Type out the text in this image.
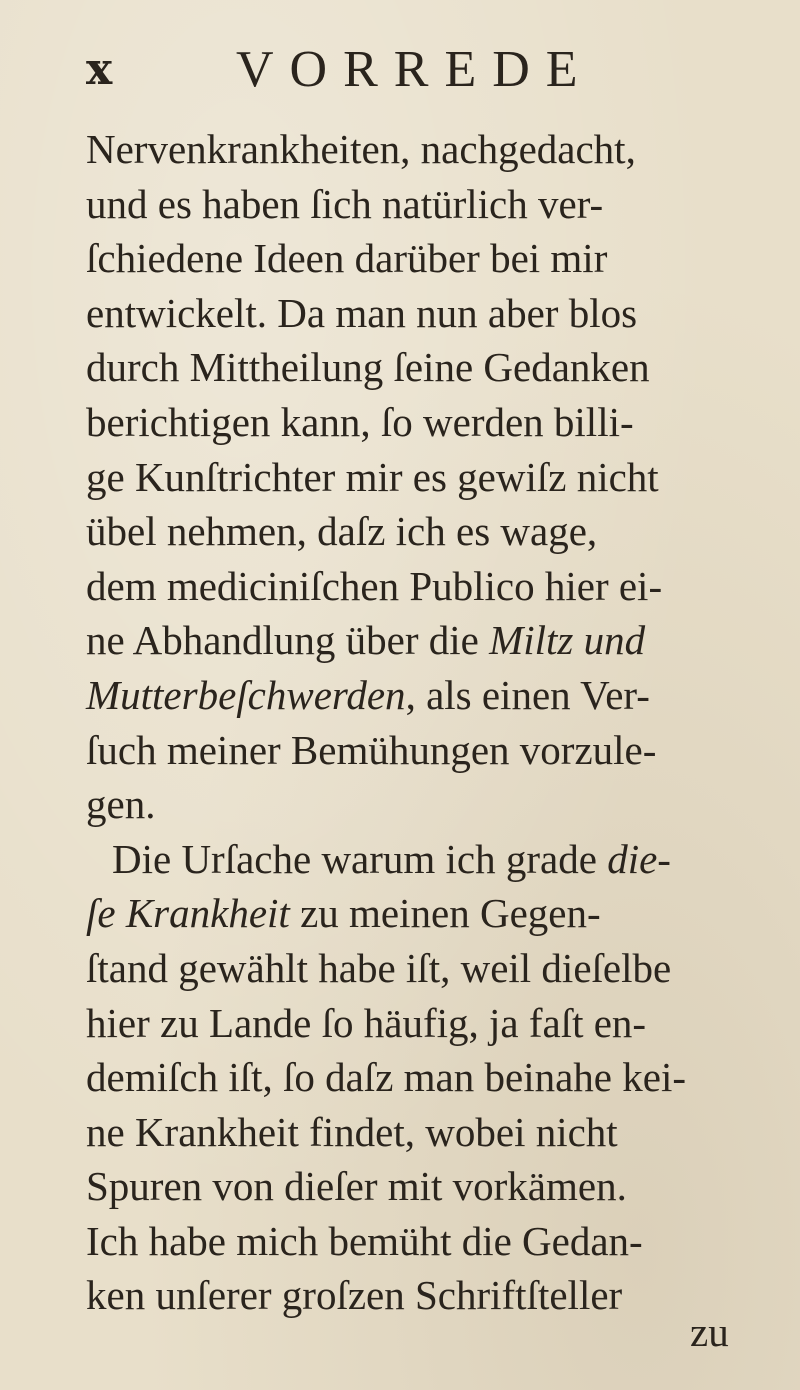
x VORREDE
Nervenkrankheiten, nachgedacht,
und es haben ſich natürlich ver-
ſchiedene Ideen darüber bei mir
entwickelt. Da man nun aber blos
durch Mittheilung ſeine Gedanken
berichtigen kann, ſo werden billi-
ge Kunſtrichter mir es gewiſz nicht
übel nehmen, daſz ich es wage,
dem mediciniſchen Publico hier ei-
ne Abhandlung über die Miltz und
Mutterbeſchwerden, als einen Ver-
ſuch meiner Bemühungen vorzule-
gen.
Die Urſache warum ich grade die-
ſe Krankheit zu meinen Gegen-
ſtand gewählt habe iſt, weil dieſelbe
hier zu Lande ſo häufig, ja faſt en-
demiſch iſt, ſo daſz man beinahe kei-
ne Krankheit findet, wobei nicht
Spuren von dieſer mit vorkämen.
Ich habe mich bemüht die Gedan-
ken unſerer groſzen Schriftſteller
zu
